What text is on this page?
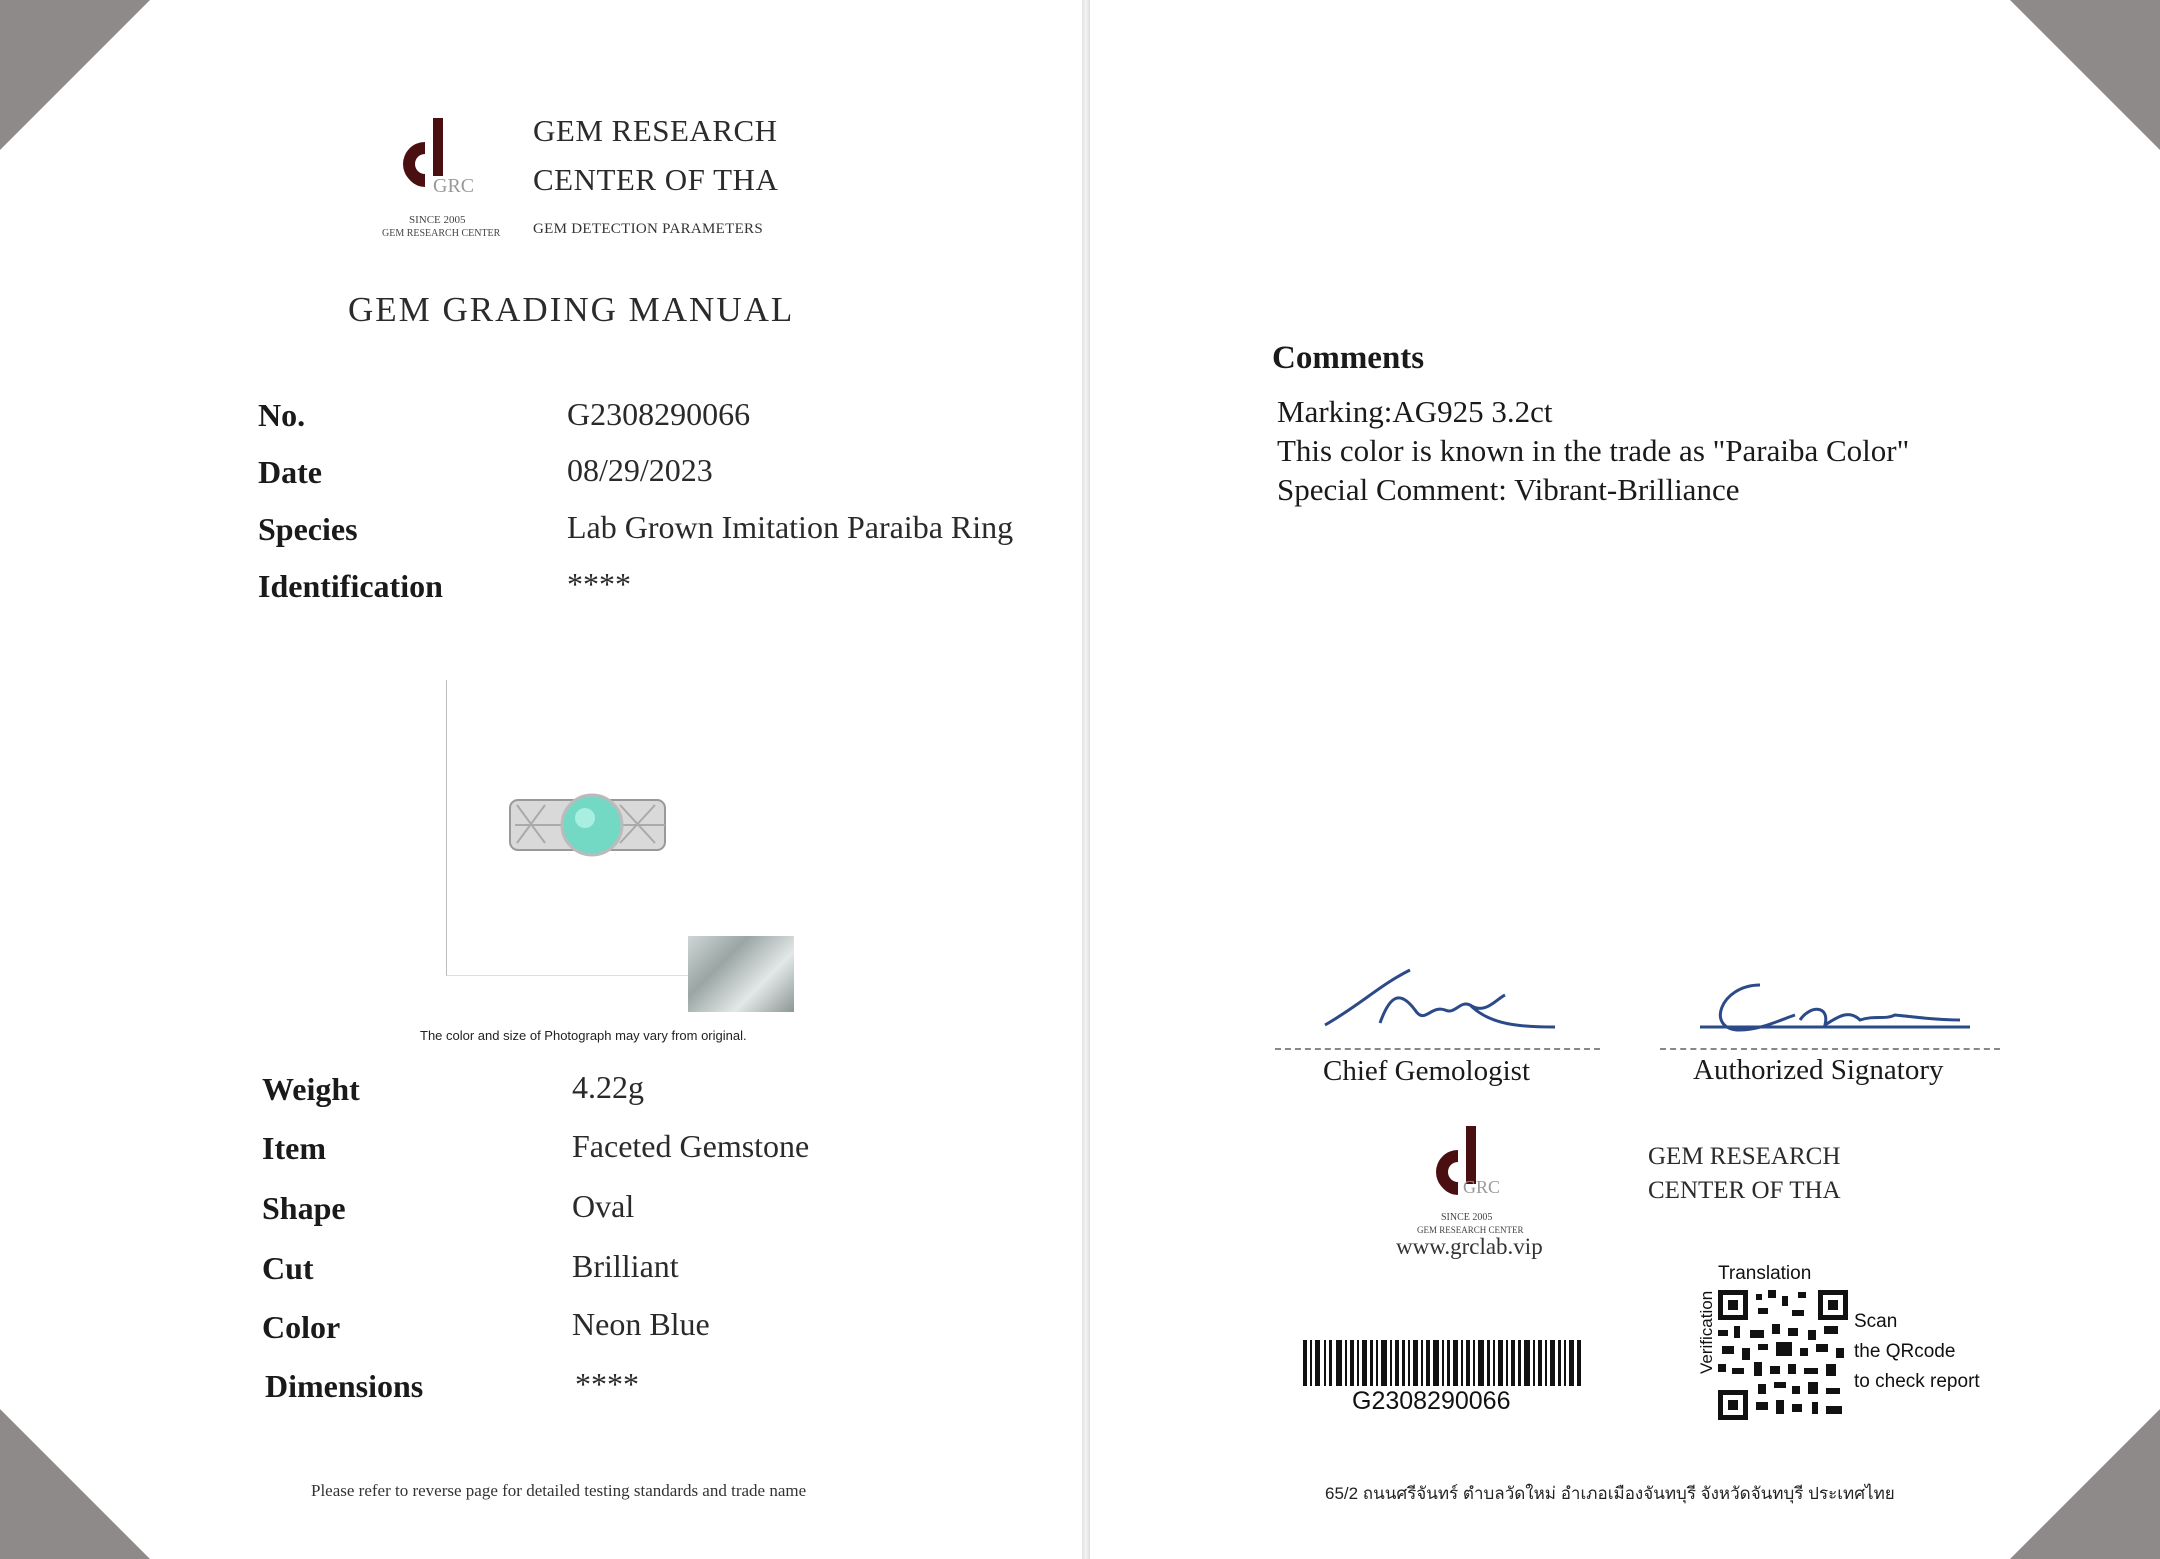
GRC
SINCE 2005
GEM RESEARCH CENTER
GEM RESEARCH
CENTER OF THA
GEM DETECTION PARAMETERS
GEM GRADING MANUAL
No.	G2308290066
Date	08/29/2023
Species	Lab Grown Imitation Paraiba Ring
Identification	****
The color and size of Photograph may vary from original.
Weight	4.22g
Item	Faceted Gemstone
Shape	Oval
Cut	Brilliant
Color	Neon Blue
Dimensions	****
Please refer to reverse page for detailed testing standards and trade name
Comments
Marking:AG925 3.2ct
This color is known in the trade as "Paraiba Color"
Special Comment: Vibrant-Brilliance
Chief Gemologist	Authorized Signatory
GRC
SINCE 2005
GEM RESEARCH CENTER
www.grclab.vip
GEM RESEARCH
CENTER OF THA
G2308290066
Translation
Verification	Scan
the QRcode
to check report
65/2 ถนนศรีจันทร์ ตำบลวัดใหม่ อำเภอเมืองจันทบุรี จังหวัดจันทบุรี ประเทศไทย
